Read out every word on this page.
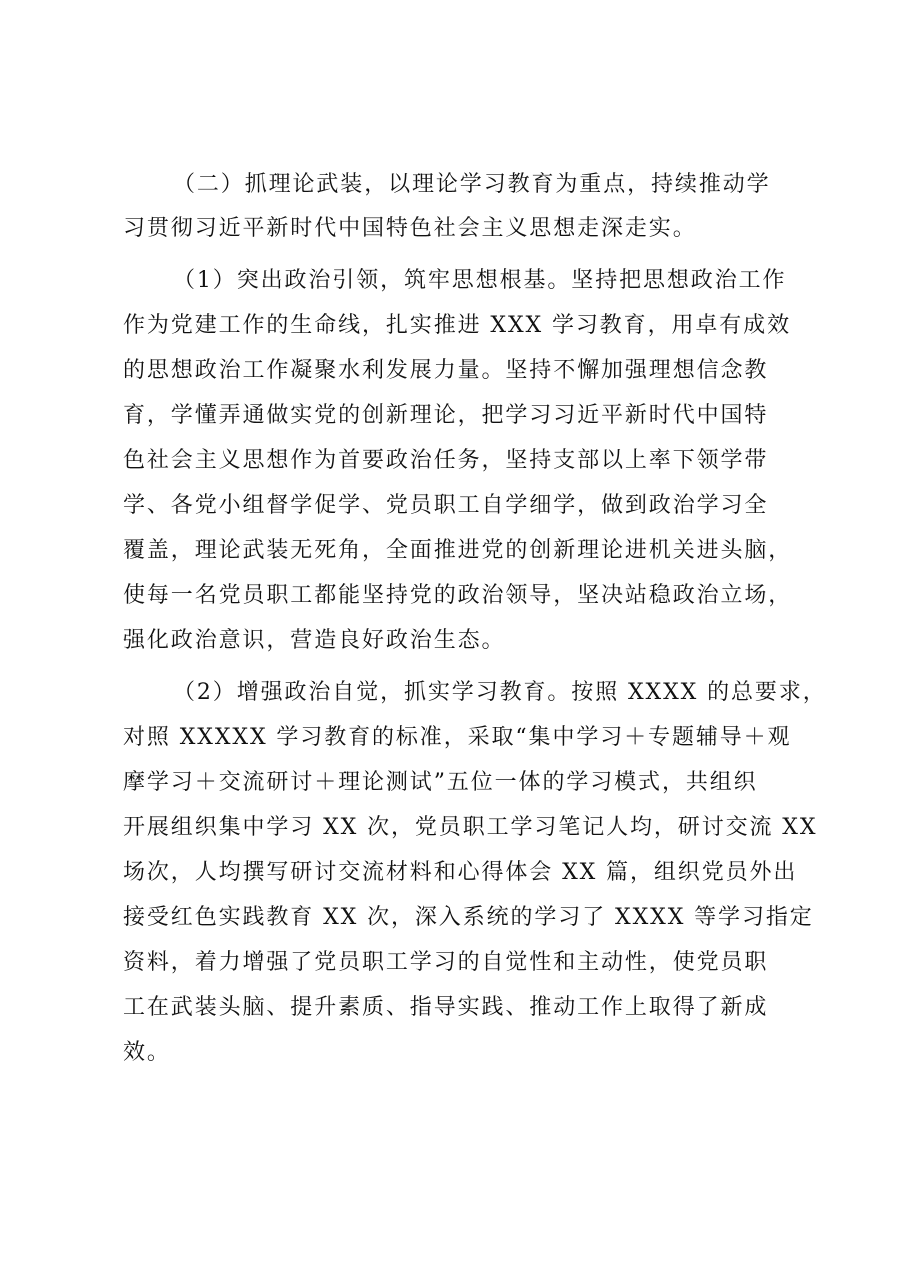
（二）抓理论武装，以理论学习教育为重点，持续推动学

习贯彻习近平新时代中国特色社会主义思想走深走实。

（1）突出政治引领，筑牢思想根基。坚持把思想政治工作

作为党建工作的生命线，扎实推进 XXX 学习教育，用卓有成效

的思想政治工作凝聚水利发展力量。坚持不懈加强理想信念教

育，学懂弄通做实党的创新理论，把学习习近平新时代中国特

色社会主义思想作为首要政治任务，坚持支部以上率下领学带

学、各党小组督学促学、党员职工自学细学，做到政治学习全

覆盖，理论武装无死角，全面推进党的创新理论进机关进头脑，

使每一名党员职工都能坚持党的政治领导，坚决站稳政治立场，

强化政治意识，营造良好政治生态。

（2）增强政治自觉，抓实学习教育。按照 XXXX 的总要求，

对照 XXXXX 学习教育的标准，采取“集中学习＋专题辅导＋观

摩学习＋交流研讨＋理论测试”五位一体的学习模式，共组织

开展组织集中学习 XX 次，党员职工学习笔记人均，研讨交流 XX

场次，人均撰写研讨交流材料和心得体会 XX 篇，组织党员外出

接受红色实践教育 XX 次，深入系统的学习了 XXXX 等学习指定

资料，着力增强了党员职工学习的自觉性和主动性，使党员职

工在武装头脑、提升素质、指导实践、推动工作上取得了新成

效。
